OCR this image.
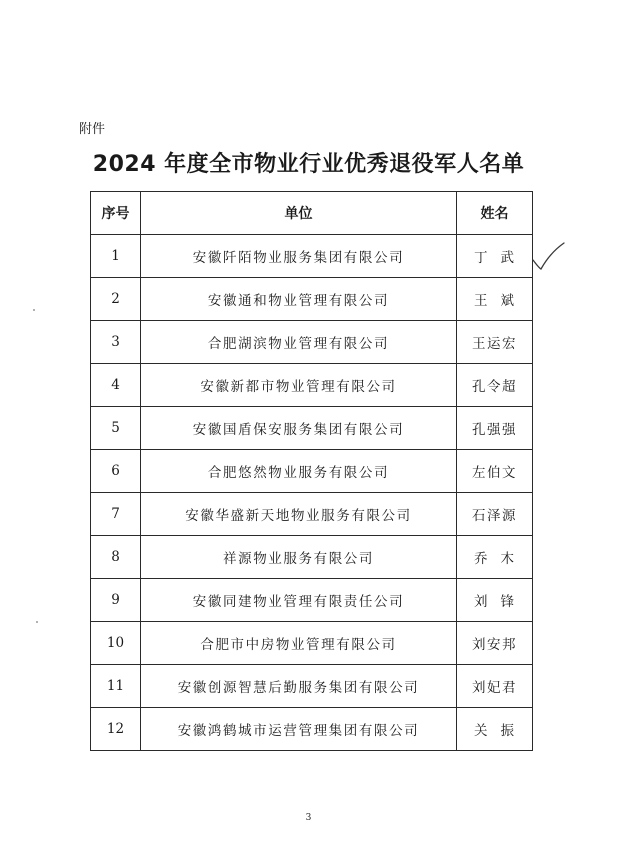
附件
2024 年度全市物业行业优秀退役军人名单
序号	单位	姓名
1	安徽阡陌物业服务集团有限公司	丁武
2	安徽通和物业管理有限公司	王斌
3	合肥湖滨物业管理有限公司	王运宏
4	安徽新都市物业管理有限公司	孔令超
5	安徽国盾保安服务集团有限公司	孔强强
6	合肥悠然物业服务有限公司	左伯文
7	安徽华盛新天地物业服务有限公司	石泽源
8	祥源物业服务有限公司	乔木
9	安徽同建物业管理有限责任公司	刘锋
10	合肥市中房物业管理有限公司	刘安邦
11	安徽创源智慧后勤服务集团有限公司	刘妃君
12	安徽鸿鹤城市运营管理集团有限公司	关振
3
